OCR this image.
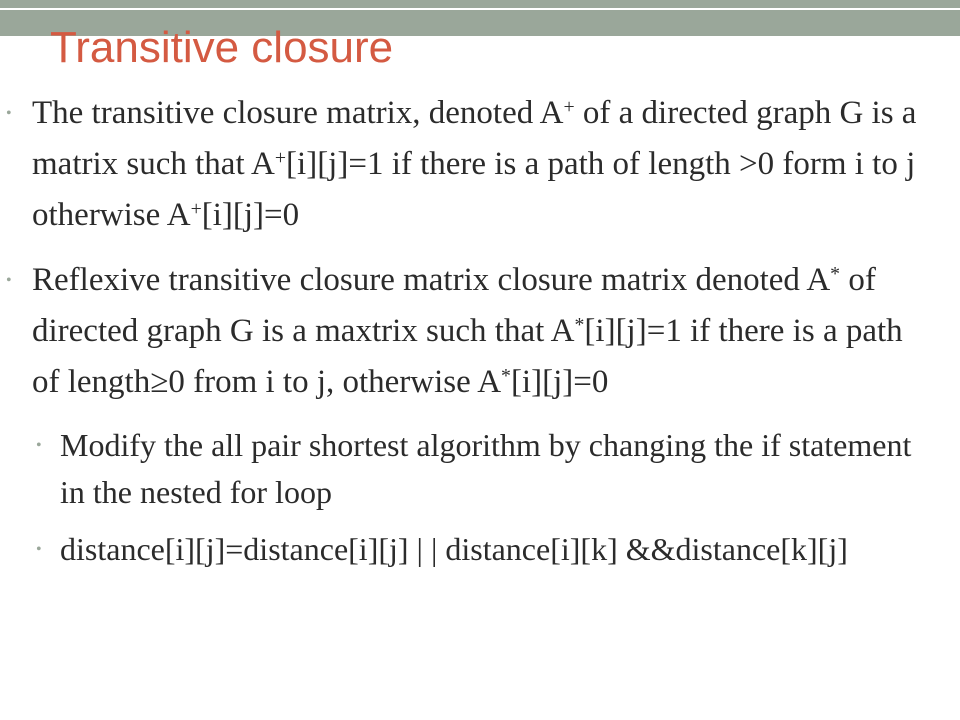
Transitive closure
• The transitive closure matrix, denoted A+ of a directed graph G is a matrix such that A+[i][j]=1 if there is a path of length >0 form i to j otherwise A+[i][j]=0
• Reflexive transitive closure matrix closure matrix denoted A* of directed graph G is a maxtrix such that A*[i][j]=1 if there is a path of length≥0 from i to j, otherwise A*[i][j]=0
• Modify the all pair shortest algorithm by changing the if statement in the nested for loop
• distance[i][j]=distance[i][j] | | distance[i][k] &&distance[k][j]
